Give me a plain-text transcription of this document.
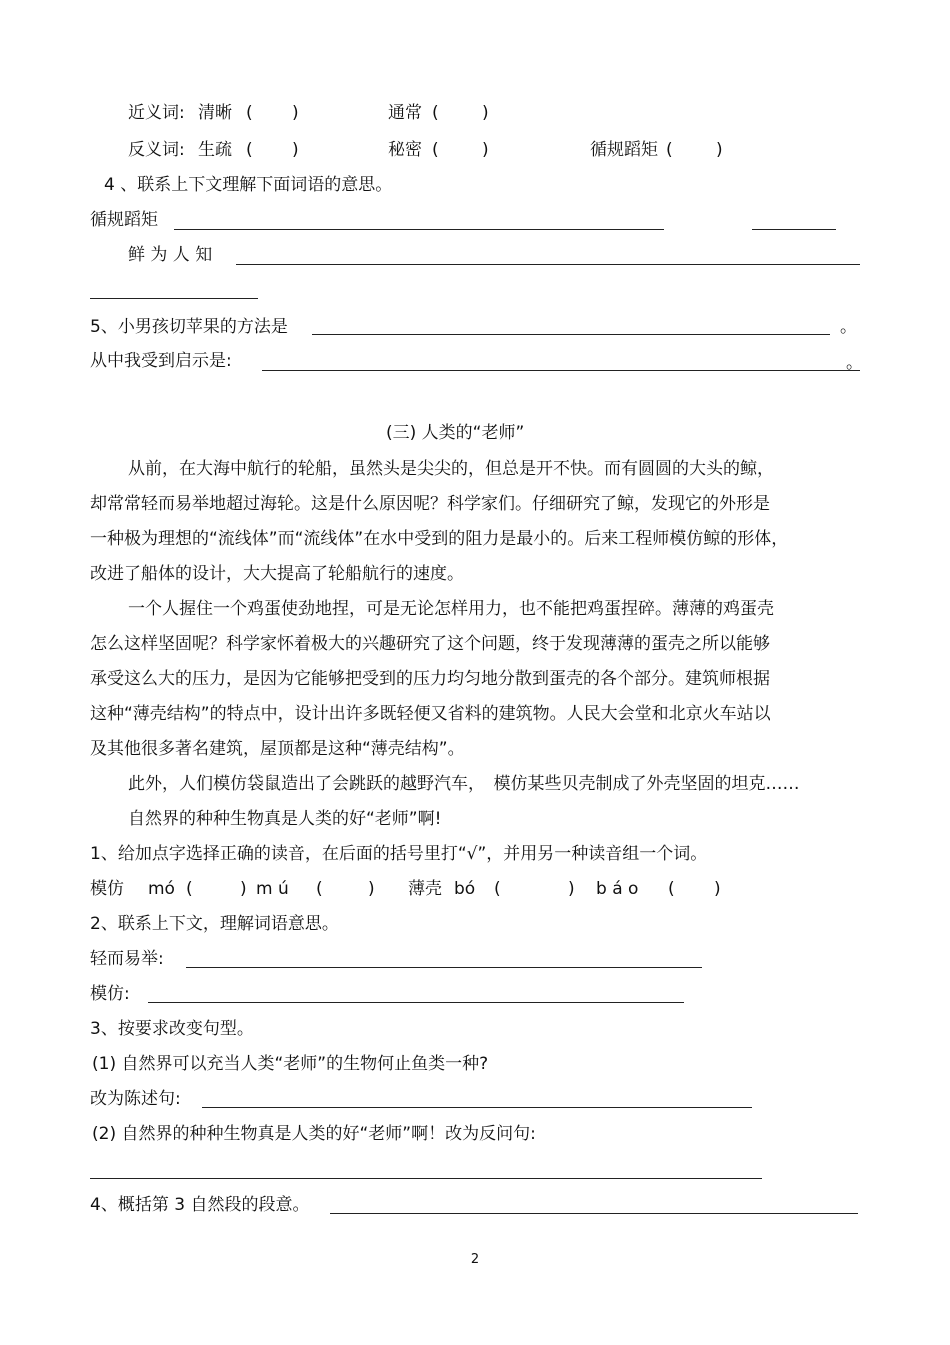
近义词: 清晰 ( )	通常 (	)
反义词: 生疏 ( )	秘密 (	)	循规蹈矩 (	)
4 、联系上下文理解下面词语的意思。
循规蹈矩
鲜 为 人 知
5、小男孩切苹果的方法是	。
从中我受到启示是:	。
(三) 人类的“老师”
从前，在大海中航行的轮船，虽然头是尖尖的，但总是开不快。而有圆圆的大头的鲸，
却常常轻而易举地超过海轮。这是什么原因呢？科学家们。仔细研究了鲸，发现它的外形是
一种极为理想的“流线体”而“流线体”在水中受到的阻力是最小的。后来工程师模仿鲸的形体，
改进了船体的设计，大大提高了轮船航行的速度。
一个人握住一个鸡蛋使劲地捏，可是无论怎样用力，也不能把鸡蛋捏碎。薄薄的鸡蛋壳
怎么这样坚固呢？科学家怀着极大的兴趣研究了这个问题，终于发现薄薄的蛋壳之所以能够
承受这么大的压力，是因为它能够把受到的压力均匀地分散到蛋壳的各个部分。建筑师根据
这种“薄壳结构”的特点中，设计出许多既轻便又省料的建筑物。人民大会堂和北京火车站以
及其他很多著名建筑，屋顶都是这种“薄壳结构”。
此外，人们模仿袋鼠造出了会跳跃的越野汽车，　模仿某些贝壳制成了外壳坚固的坦克……
自然界的种种生物真是人类的好“老师”啊!
1、给加点字选择正确的读音，在后面的括号里打“√”，并用另一种读音组一个词。
模仿 mó (	) m ú (	) 薄壳 bó (	) b á o ( )
2、联系上下文，理解词语意思。
轻而易举:
模仿:
3、按要求改变句型。
(1) 自然界可以充当人类“老师”的生物何止鱼类一种?
改为陈述句:
(2) 自然界的种种生物真是人类的好“老师”啊！改为反问句:
4、概括第 3 自然段的段意。
2
